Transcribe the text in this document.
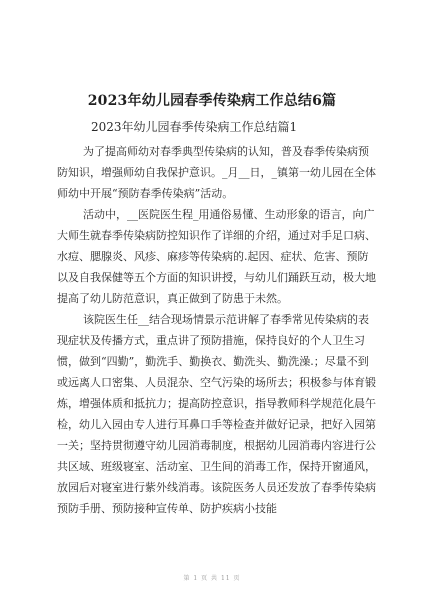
2023年幼儿园春季传染病工作总结6篇
2023年幼儿园春季传染病工作总结篇1

为了提高师幼对春季典型传染病的认知，普及春季传染病预防知识，增强师幼自我保护意识。_月__日，_镇第一幼儿园在全体师幼中开展“预防春季传染病”活动。

活动中，__医院医生程_用通俗易懂、生动形象的语言，向广大师生就春季传染病防控知识作了详细的介绍，通过对手足口病、水痘、腮腺炎、风疹、麻疹等传染病的.起因、症状、危害、预防以及自我保健等五个方面的知识讲授，与幼儿们踊跃互动，极大地提高了幼儿防范意识，真正做到了防患于未然。

该院医生任__结合现场情景示范讲解了春季常见传染病的表现症状及传播方式，重点讲了预防措施，保持良好的个人卫生习惯，做到“四勤”，勤洗手、勤换衣、勤洗头、勤洗澡.；尽量不到或远离人口密集、人员混杂、空气污染的场所去；积极参与体育锻炼，增强体质和抵抗力；提高防控意识，指导教师科学规范化晨午检，幼儿入园由专人进行耳鼻口手等检查并做好记录，把好入园第一关；坚持贯彻遵守幼儿园消毒制度，根据幼儿园消毒内容进行公共区域、班级寝室、活动室、卫生间的消毒工作，保持开窗通风，放园后对寝室进行紫外线消毒。该院医务人员还发放了春季传染病预防手册、预防接种宣传单、防护疾病小技能

第 1 页 共 11 页
